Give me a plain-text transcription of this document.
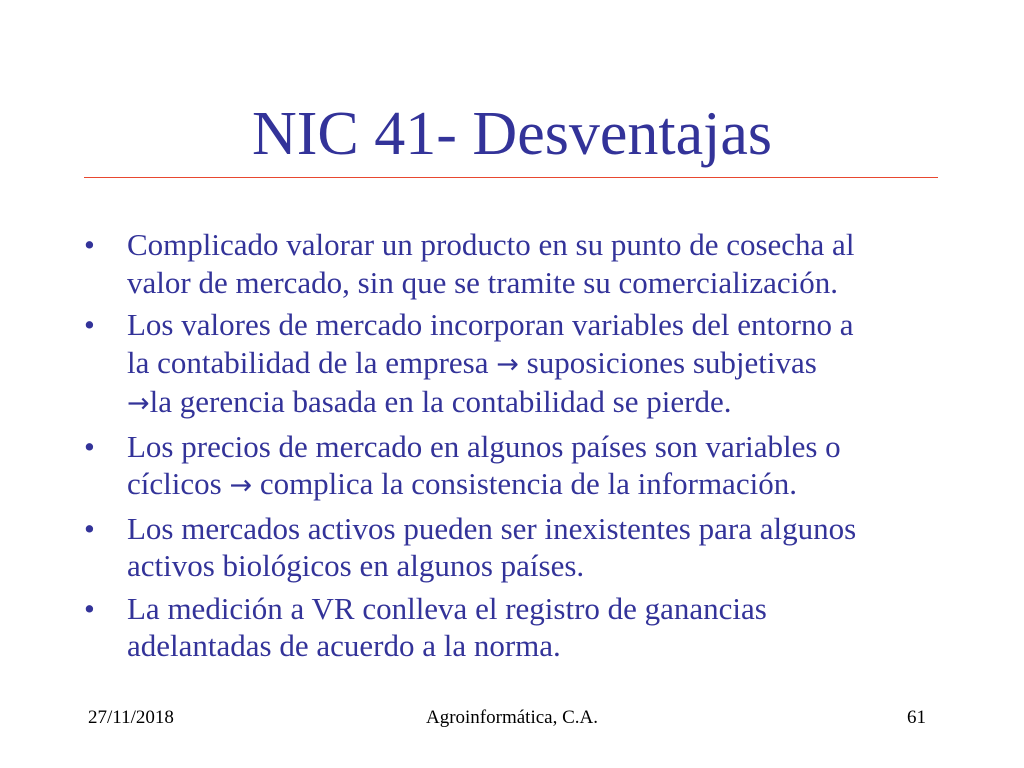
NIC 41- Desventajas
•	Complicado valorar un producto en su punto de cosecha al
valor de mercado, sin que se tramite su comercialización.
•	Los valores de mercado incorporan variables del entorno a
la contabilidad de la empresa → suposiciones subjetivas
→la gerencia basada en la contabilidad se pierde.
•	Los precios de mercado en algunos países son variables o
cíclicos → complica la consistencia de la información.
•	Los mercados activos pueden ser inexistentes para algunos
activos biológicos en algunos países.
•	La medición a VR conlleva el registro de ganancias
adelantadas de acuerdo a la norma.
27/11/2018	Agroinformática, C.A.	61
